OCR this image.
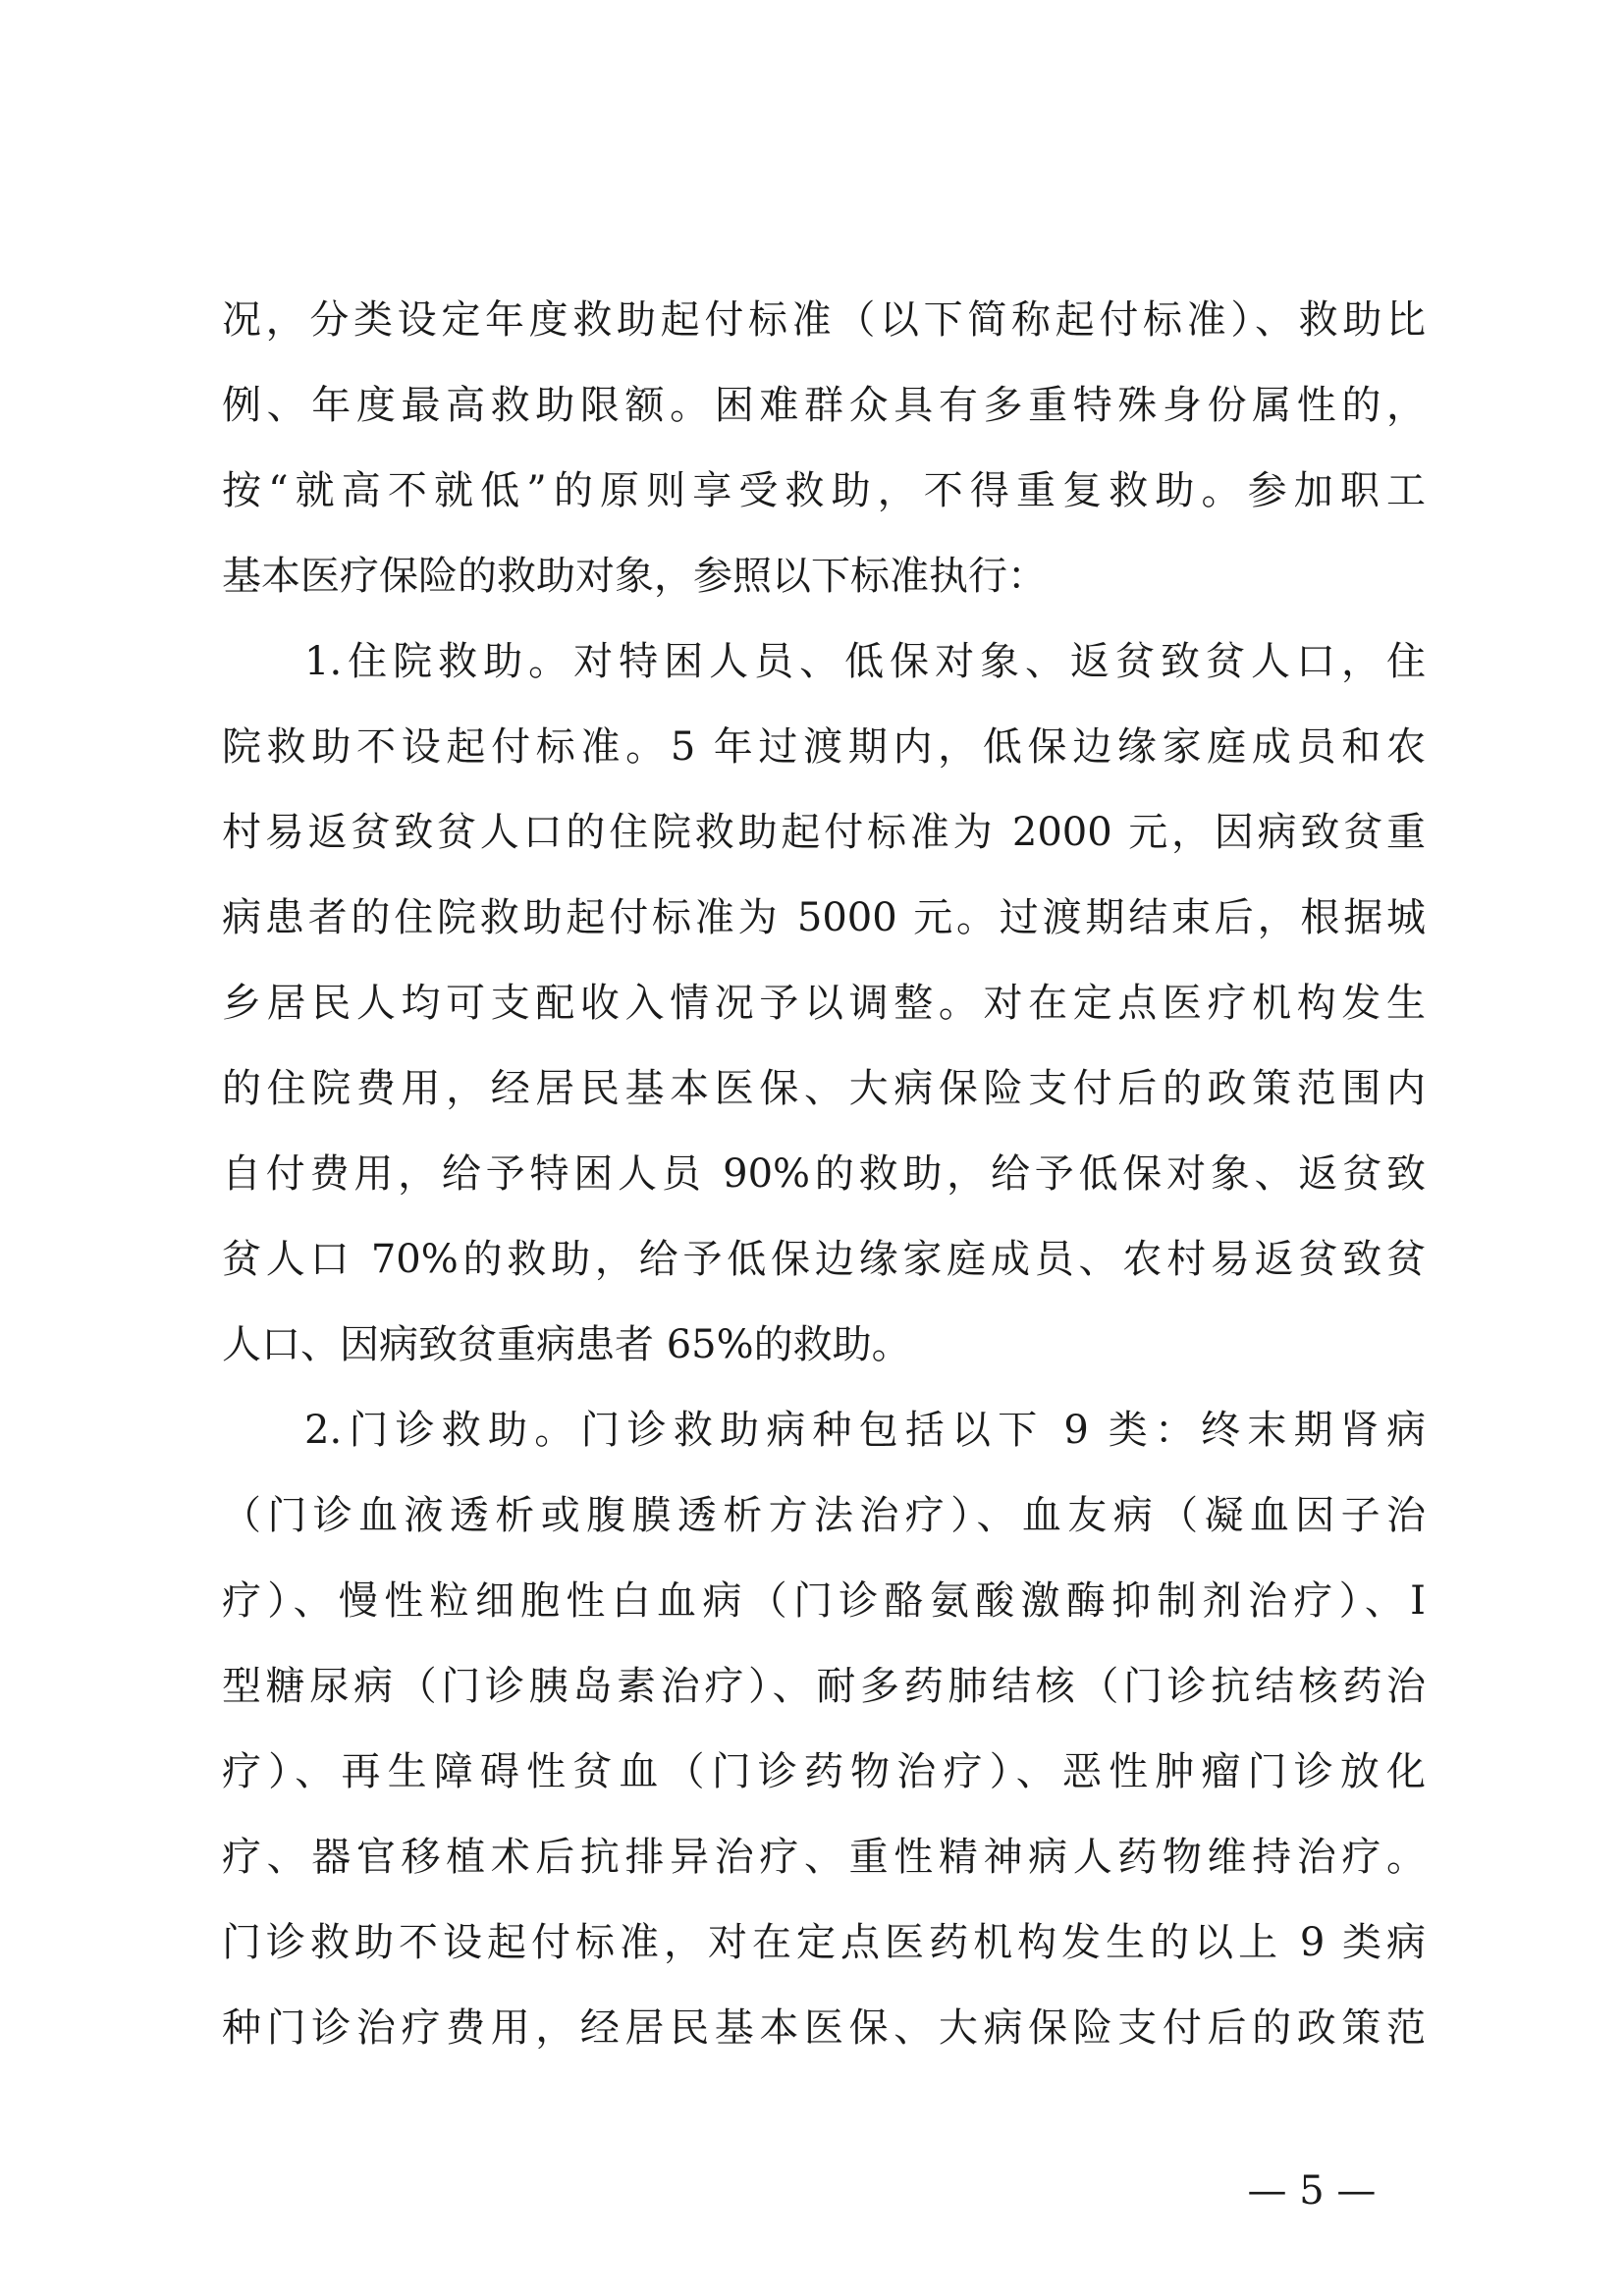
况，分类设定年度救助起付标准（以下简称起付标准）、救助比
例、年度最高救助限额。困难群众具有多重特殊身份属性的，
按“就高不就低”的原则享受救助，不得重复救助。参加职工
基本医疗保险的救助对象，参照以下标准执行：
1.住院救助。对特困人员、低保对象、返贫致贫人口，住
院救助不设起付标准。5 年过渡期内，低保边缘家庭成员和农
村易返贫致贫人口的住院救助起付标准为 2000 元，因病致贫重
病患者的住院救助起付标准为 5000 元。过渡期结束后，根据城
乡居民人均可支配收入情况予以调整。对在定点医疗机构发生
的住院费用，经居民基本医保、大病保险支付后的政策范围内
自付费用，给予特困人员 90%的救助，给予低保对象、返贫致
贫人口 70%的救助，给予低保边缘家庭成员、农村易返贫致贫
人口、因病致贫重病患者 65%的救助。
2.门诊救助。门诊救助病种包括以下 9 类：终末期肾病
（门诊血液透析或腹膜透析方法治疗）、血友病（凝血因子治
疗）、慢性粒细胞性白血病（门诊酪氨酸激酶抑制剂治疗）、Ⅰ
型糖尿病（门诊胰岛素治疗）、耐多药肺结核（门诊抗结核药治
疗）、再生障碍性贫血（门诊药物治疗）、恶性肿瘤门诊放化
疗、器官移植术后抗排异治疗、重性精神病人药物维持治疗。
门诊救助不设起付标准，对在定点医药机构发生的以上 9 类病
种门诊治疗费用，经居民基本医保、大病保险支付后的政策范
— 5 —
